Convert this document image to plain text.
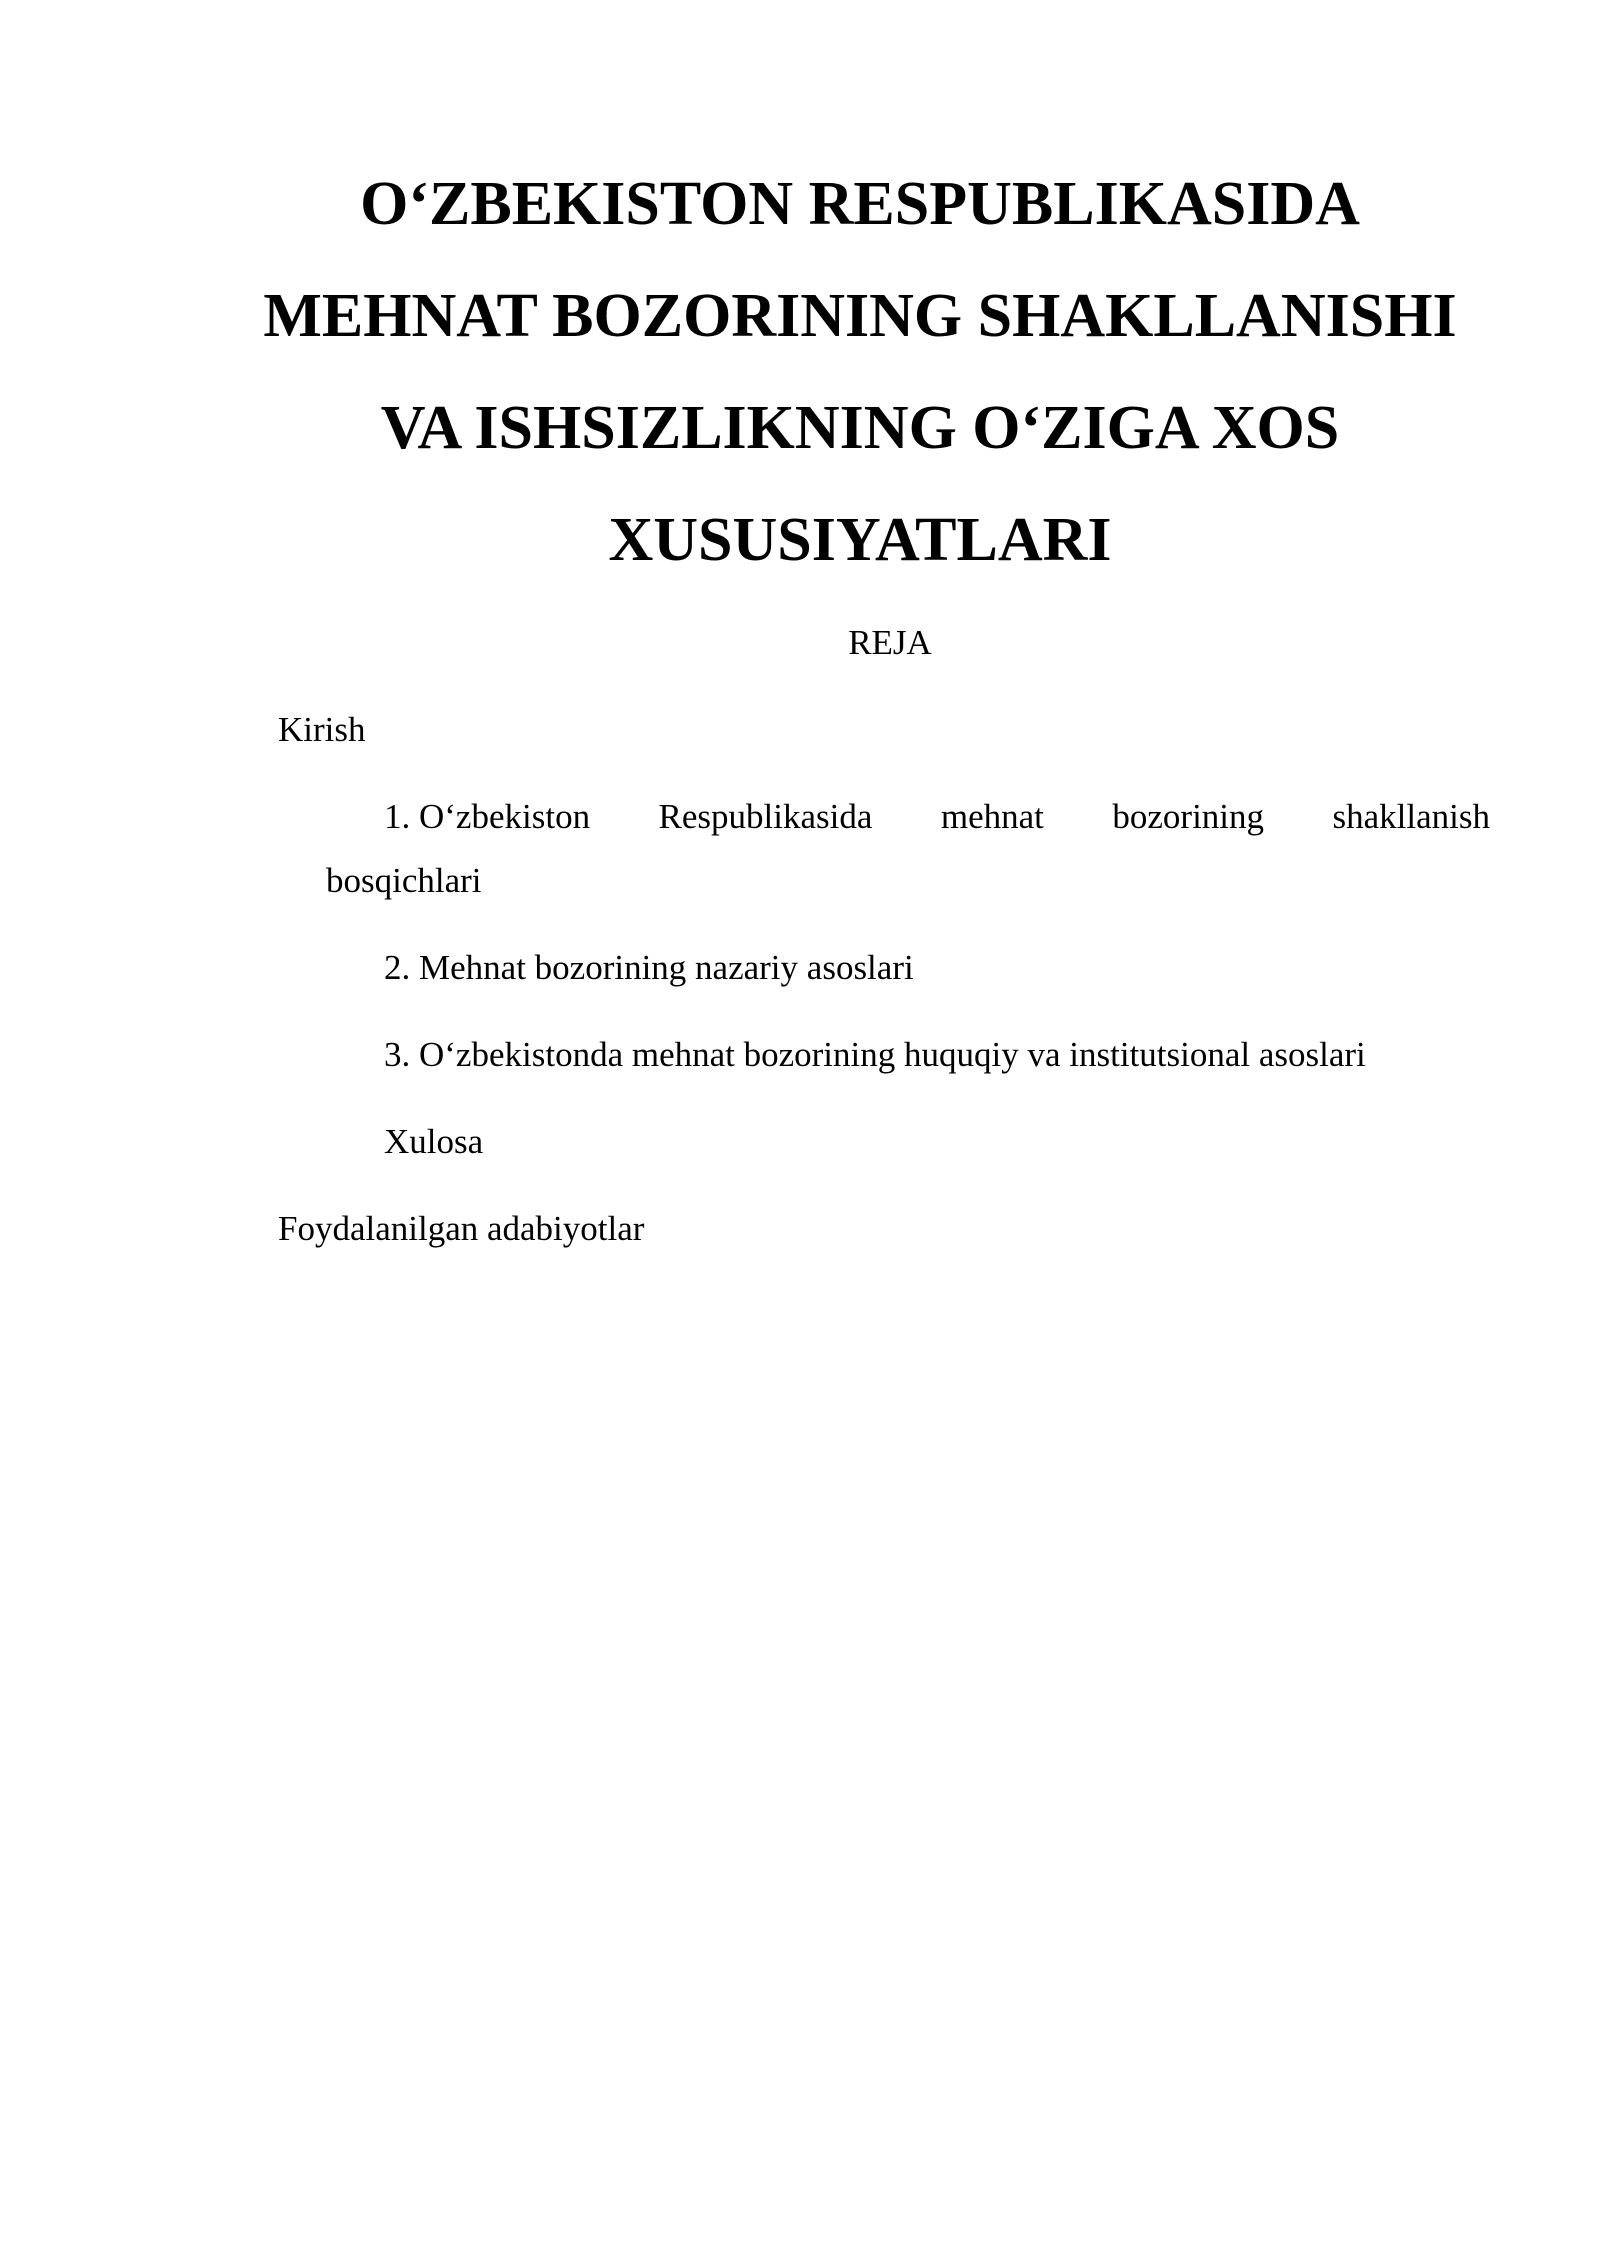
O‘ZBEKISTON RESPUBLIKASIDA
MEHNAT BOZORINING SHAKLLANISHI
VA ISHSIZLIKNING O‘ZIGA XOS
XUSUSIYATLARI
REJA
Kirish
1. O‘zbekiston Respublikasida mehnat bozorining shakllanish
bosqichlari
2. Mehnat bozorining nazariy asoslari
3. O‘zbekistonda mehnat bozorining huquqiy va institutsional asoslari
Xulosa
Foydalanilgan adabiyotlar
